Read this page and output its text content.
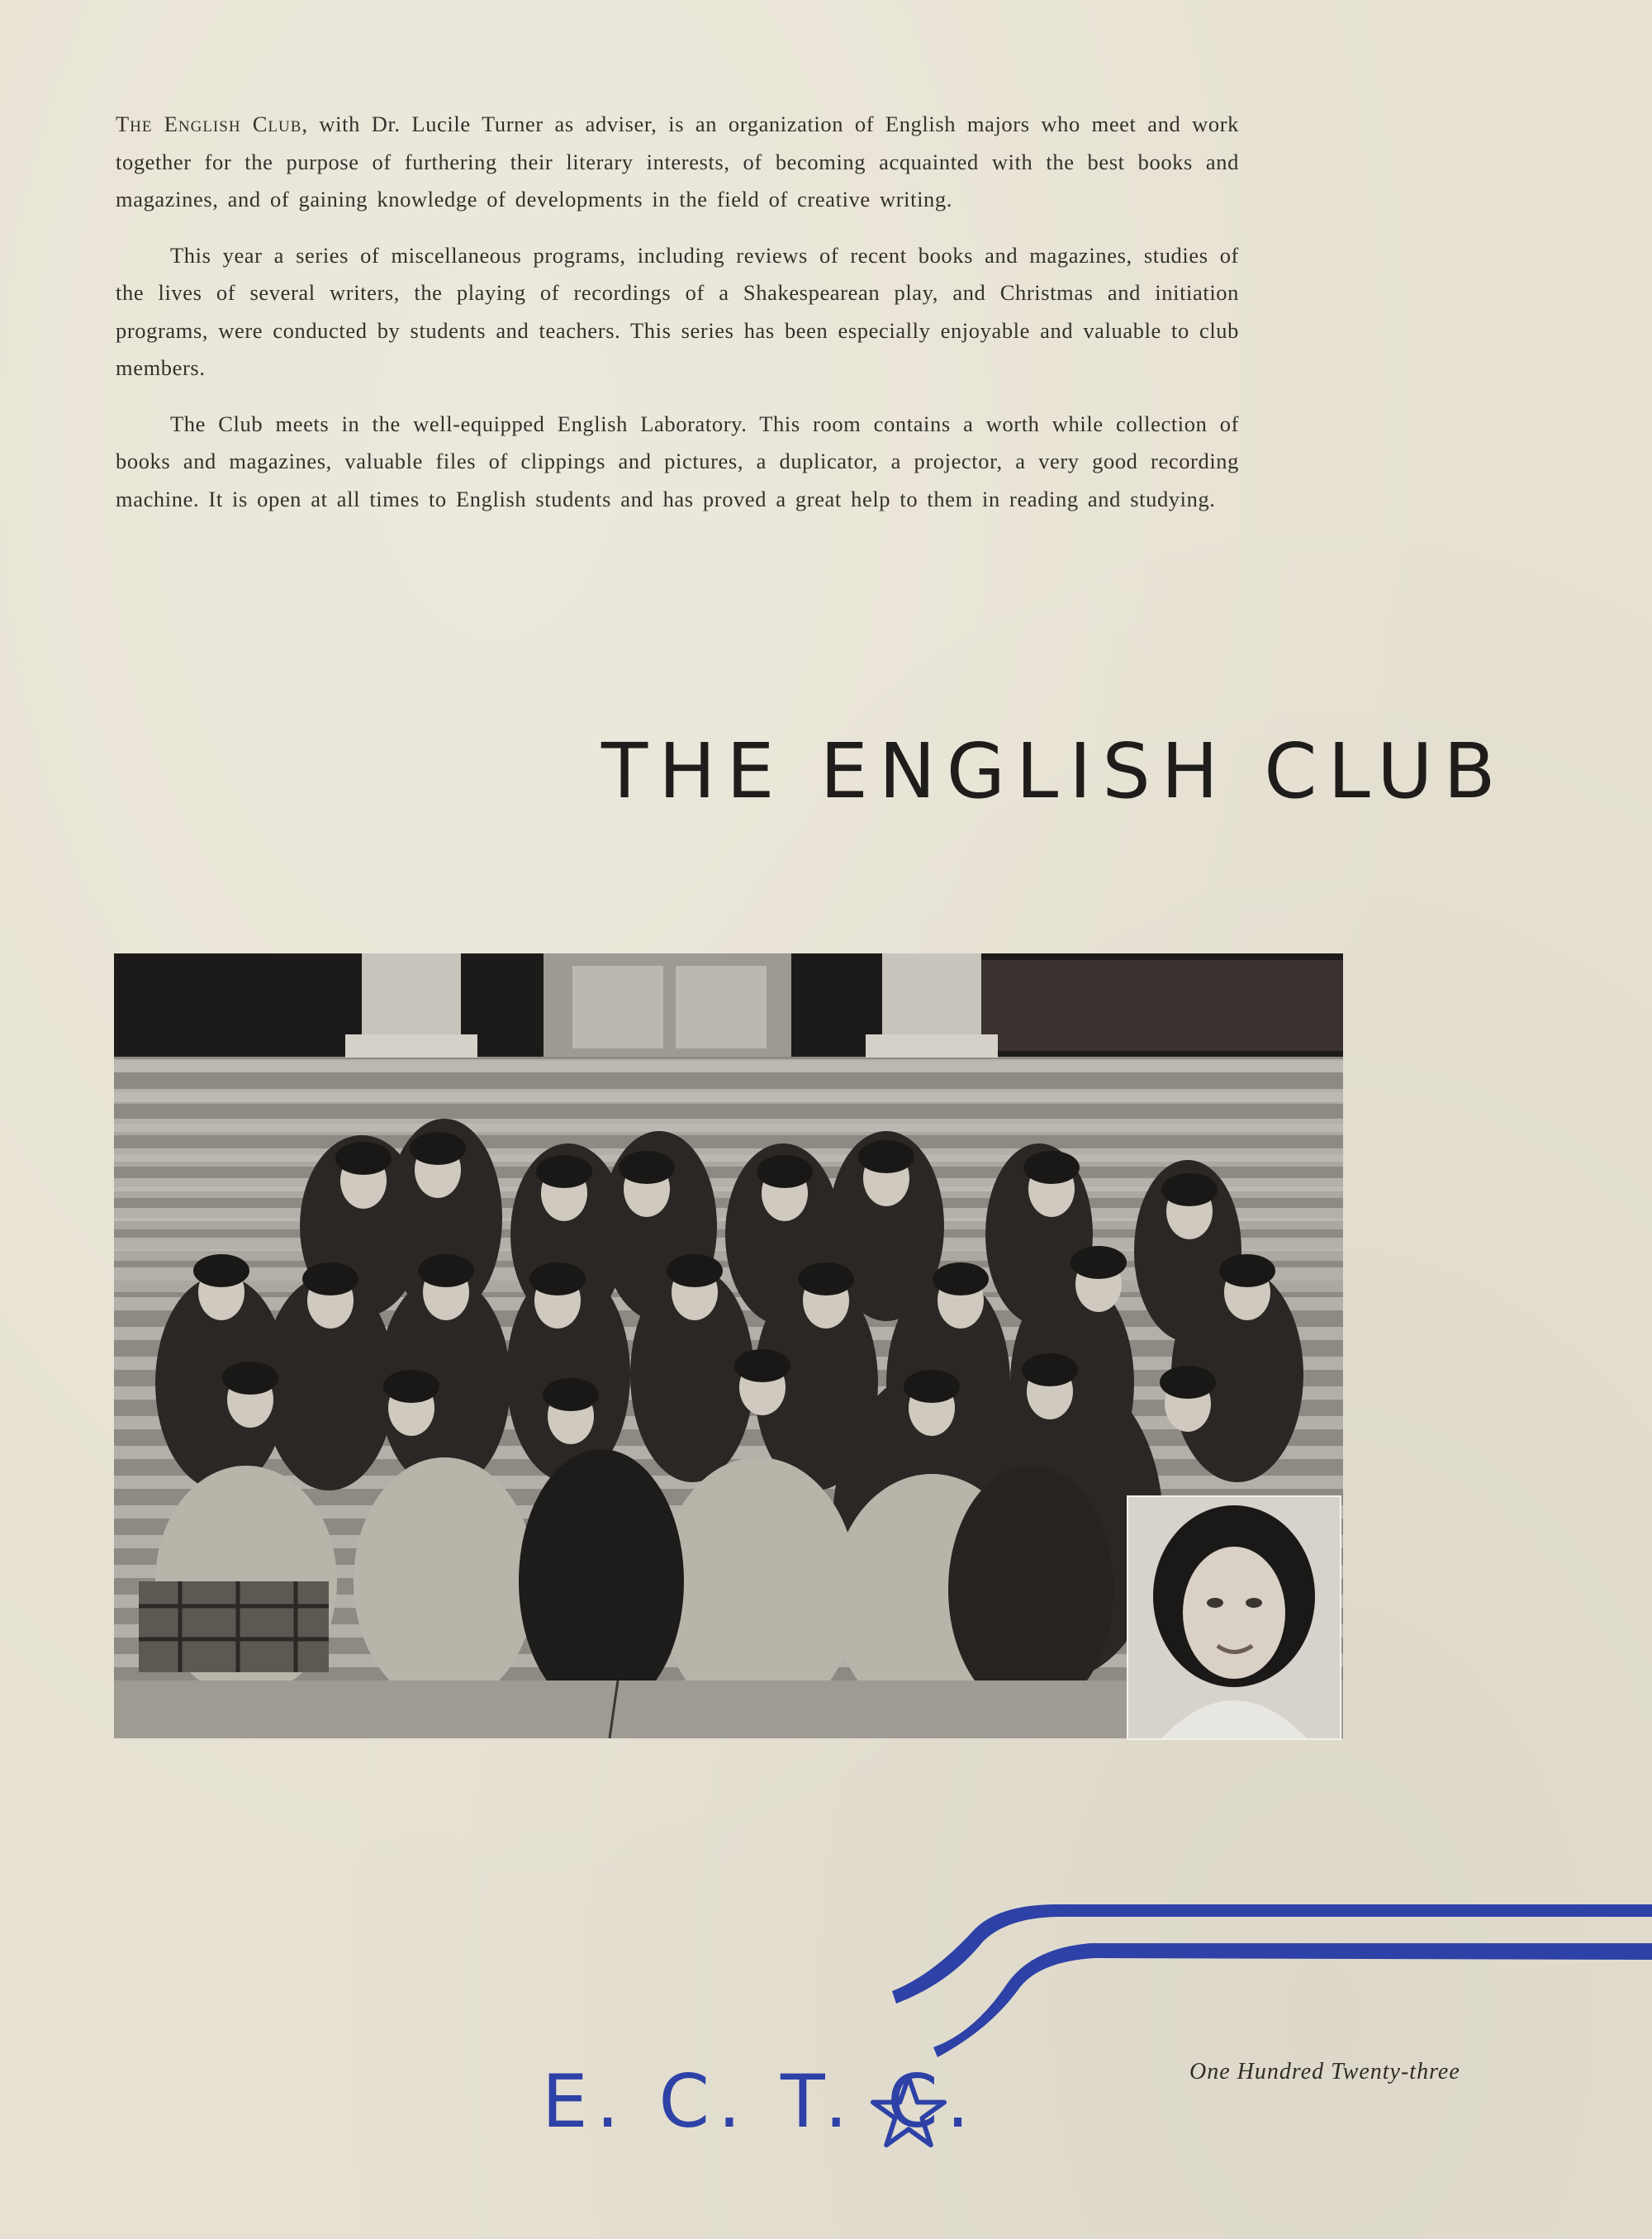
The English Club, with Dr. Lucile Turner as adviser, is an organization of English majors who meet and work together for the purpose of furthering their literary interests, of becoming acquainted with the best books and magazines, and of gaining knowledge of developments in the field of creative writing.

This year a series of miscellaneous programs, including reviews of recent books and magazines, studies of the lives of several writers, the playing of recordings of a Shakespearean play, and Christmas and initiation programs, were conducted by students and teachers. This series has been especially enjoyable and valuable to club members.

The Club meets in the well-equipped English Laboratory. This room contains a worth while collection of books and magazines, valuable files of clippings and pictures, a duplicator, a projector, a very good recording machine. It is open at all times to English students and has proved a great help to them in reading and studying.

THE ENGLISH CLUB
E. C. T. C.	One Hundred Twenty-three
